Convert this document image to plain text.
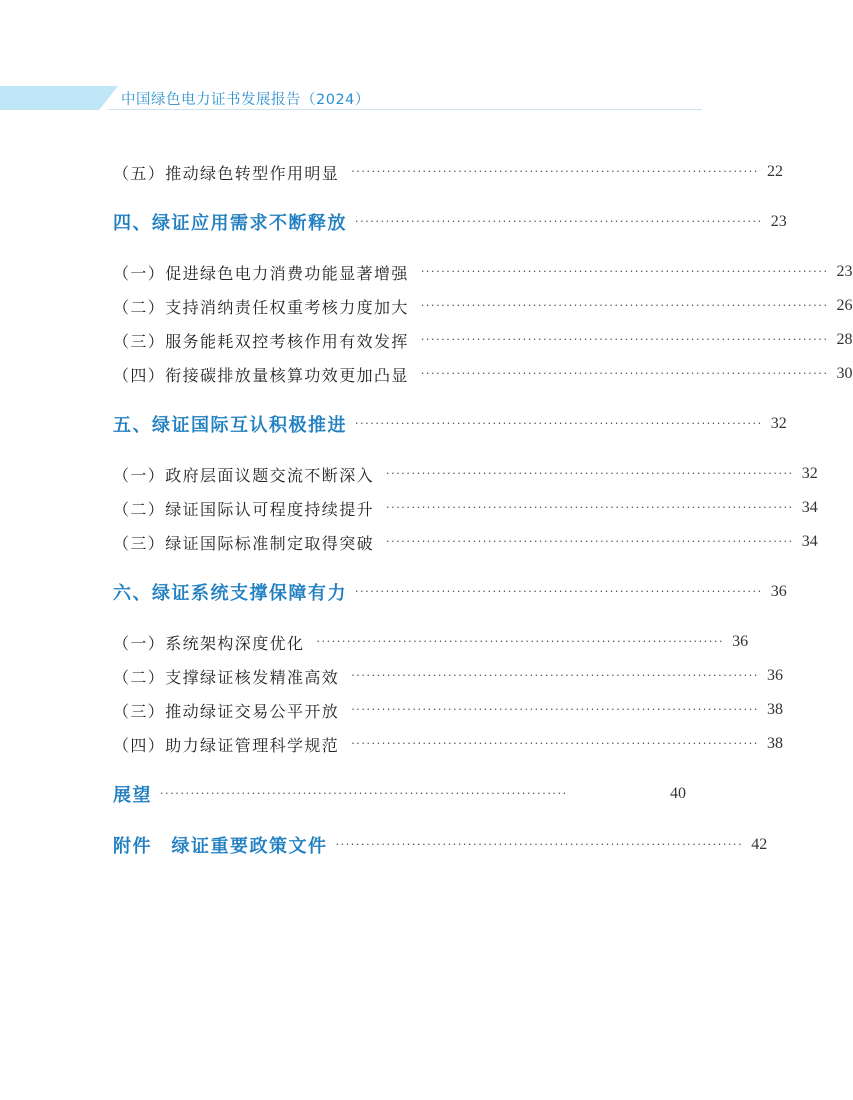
中国绿色电力证书发展报告（2024）
（五）推动绿色转型作用明显 ················································································ 22
四、绿证应用需求不断释放 ················································································ 23
（一）促进绿色电力消费功能显著增强 ················································································ 23
（二）支持消纳责任权重考核力度加大 ················································································ 26
（三）服务能耗双控考核作用有效发挥 ················································································ 28
（四）衔接碳排放量核算功效更加凸显 ················································································ 30
五、绿证国际互认积极推进 ················································································ 32
（一）政府层面议题交流不断深入 ················································································ 32
（二）绿证国际认可程度持续提升 ················································································ 34
（三）绿证国际标准制定取得突破 ················································································ 34
六、绿证系统支撑保障有力 ················································································ 36
（一）系统架构深度优化 ················································································ 36
（二）支撑绿证核发精准高效 ················································································ 36
（三）推动绿证交易公平开放 ················································································ 38
（四）助力绿证管理科学规范 ················································································ 38
展望 ················································································	40
附件　绿证重要政策文件 ················································································ 42
